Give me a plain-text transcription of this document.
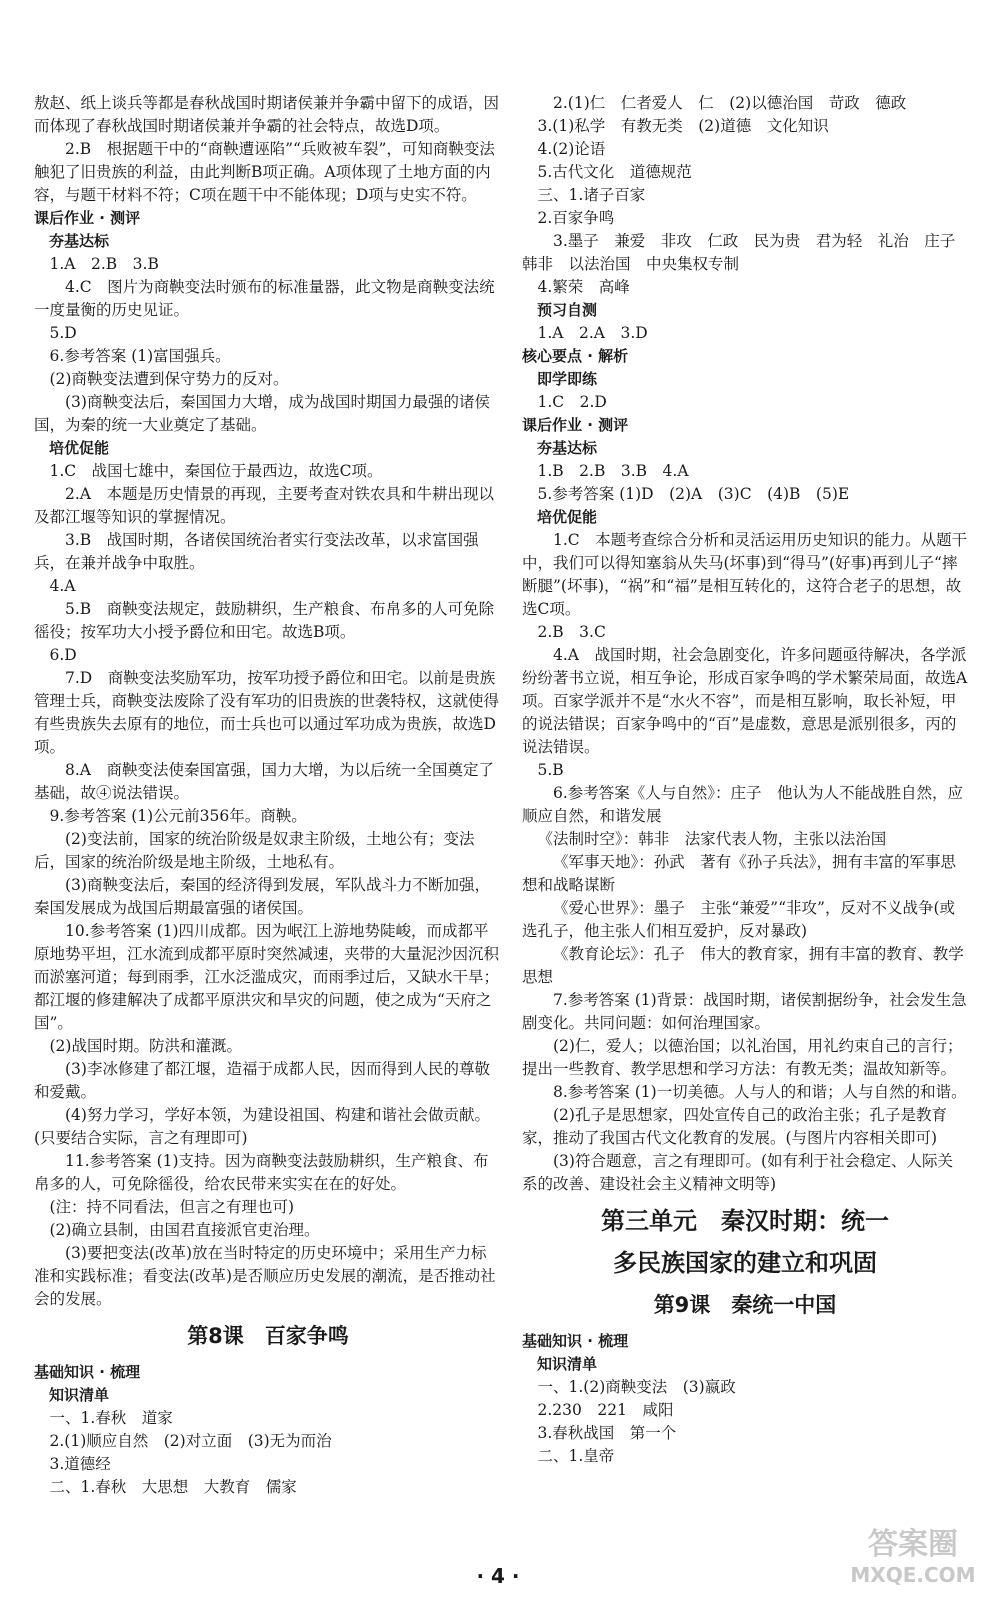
敖赵、纸上谈兵等都是春秋战国时期诸侯兼并争霸中留下的成语，因而体现了春秋战国时期诸侯兼并争霸的社会特点，故选D项。
2.B　根据题干中的“商鞅遭诬陷”“兵败被车裂”，可知商鞅变法触犯了旧贵族的利益，由此判断B项正确。A项体现了土地方面的内容，与题干材料不符；C项在题干中不能体现；D项与史实不符。
课后作业 · 测评
夯基达标
1.A　2.B　3.B
4.C　图片为商鞅变法时颁布的标准量器，此文物是商鞅变法统一度量衡的历史见证。
5.D
6.参考答案 (1)富国强兵。
(2)商鞅变法遭到保守势力的反对。
(3)商鞅变法后，秦国国力大增，成为战国时期国力最强的诸侯国，为秦的统一大业奠定了基础。
培优促能
1.C　战国七雄中，秦国位于最西边，故选C项。
2.A　本题是历史情景的再现，主要考查对铁农具和牛耕出现以及都江堰等知识的掌握情况。
3.B　战国时期，各诸侯国统治者实行变法改革，以求富国强兵，在兼并战争中取胜。
4.A
5.B　商鞅变法规定，鼓励耕织，生产粮食、布帛多的人可免除徭役；按军功大小授予爵位和田宅。故选B项。
6.D
7.D　商鞅变法奖励军功，按军功授予爵位和田宅。以前是贵族管理士兵，商鞅变法废除了没有军功的旧贵族的世袭特权，这就使得有些贵族失去原有的地位，而士兵也可以通过军功成为贵族，故选D项。
8.A　商鞅变法使秦国富强，国力大增，为以后统一全国奠定了基础，故④说法错误。
9.参考答案 (1)公元前356年。商鞅。
(2)变法前，国家的统治阶级是奴隶主阶级，土地公有；变法后，国家的统治阶级是地主阶级，土地私有。
(3)商鞅变法后，秦国的经济得到发展，军队战斗力不断加强，秦国发展成为战国后期最富强的诸侯国。
10.参考答案 (1)四川成都。因为岷江上游地势陡峻，而成都平原地势平坦，江水流到成都平原时突然减速，夹带的大量泥沙因沉积而淤塞河道；每到雨季，江水泛滥成灾，而雨季过后，又缺水干旱；都江堰的修建解决了成都平原洪灾和旱灾的问题，使之成为“天府之国”。
(2)战国时期。防洪和灌溉。
(3)李冰修建了都江堰，造福于成都人民，因而得到人民的尊敬和爱戴。
(4)努力学习，学好本领，为建设祖国、构建和谐社会做贡献。(只要结合实际，言之有理即可)
11.参考答案 (1)支持。因为商鞅变法鼓励耕织，生产粮食、布帛多的人，可免除徭役，给农民带来实实在在的好处。
(注：持不同看法，但言之有理也可)
(2)确立县制，由国君直接派官吏治理。
(3)要把变法(改革)放在当时特定的历史环境中；采用生产力标准和实践标准；看变法(改革)是否顺应历史发展的潮流，是否推动社会的发展。
第8课　百家争鸣
基础知识 · 梳理
知识清单
一、1.春秋　道家
2.(1)顺应自然　(2)对立面　(3)无为而治
3.道德经
二、1.春秋　大思想　大教育　儒家
2.(1)仁　仁者爱人　仁　(2)以德治国　苛政　德政
3.(1)私学　有教无类　(2)道德　文化知识
4.(2)论语
5.古代文化　道德规范
三、1.诸子百家
2.百家争鸣
3.墨子　兼爱　非攻　仁政　民为贵　君为轻　礼治　庄子　韩非　以法治国　中央集权专制
4.繁荣　高峰
预习自测
1.A　2.A　3.D
核心要点 · 解析
即学即练
1.C　2.D
课后作业 · 测评
夯基达标
1.B　2.B　3.B　4.A
5.参考答案 (1)D　(2)A　(3)C　(4)B　(5)E
培优促能
1.C　本题考查综合分析和灵活运用历史知识的能力。从题干中，我们可以得知塞翁从失马(坏事)到“得马”(好事)再到儿子“摔断腿”(坏事)，“祸”和“福”是相互转化的，这符合老子的思想，故选C项。
2.B　3.C
4.A　战国时期，社会急剧变化，许多问题亟待解决，各学派纷纷著书立说，相互争论，形成百家争鸣的学术繁荣局面，故选A项。百家学派并不是“水火不容”，而是相互影响，取长补短，甲的说法错误；百家争鸣中的“百”是虚数，意思是派别很多，丙的说法错误。
5.B
6.参考答案《人与自然》：庄子　他认为人不能战胜自然，应顺应自然，和谐发展
《法制时空》：韩非　法家代表人物，主张以法治国
《军事天地》：孙武　著有《孙子兵法》，拥有丰富的军事思想和战略谋断
《爱心世界》：墨子　主张“兼爱”“非攻”，反对不义战争(或选孔子，他主张人们相互爱护，反对暴政)
《教育论坛》：孔子　伟大的教育家，拥有丰富的教育、教学思想
7.参考答案 (1)背景：战国时期，诸侯割据纷争，社会发生急剧变化。共同问题：如何治理国家。
(2)仁，爱人；以德治国；以礼治国，用礼约束自己的言行；提出一些教育、教学思想和学习方法：有教无类；温故知新等。
8.参考答案 (1)一切美德。人与人的和谐；人与自然的和谐。
(2)孔子是思想家，四处宣传自己的政治主张；孔子是教育家，推动了我国古代文化教育的发展。(与图片内容相关即可)
(3)符合题意，言之有理即可。(如有利于社会稳定、人际关系的改善、建设社会主义精神文明等)
第三单元　秦汉时期：统一
多民族国家的建立和巩固
第9课　秦统一中国
基础知识 · 梳理
知识清单
一、1.(2)商鞅变法　(3)嬴政
2.230　221　咸阳
3.春秋战国　第一个
二、1.皇帝
· 4 ·
答案圈
MXQE.COM
